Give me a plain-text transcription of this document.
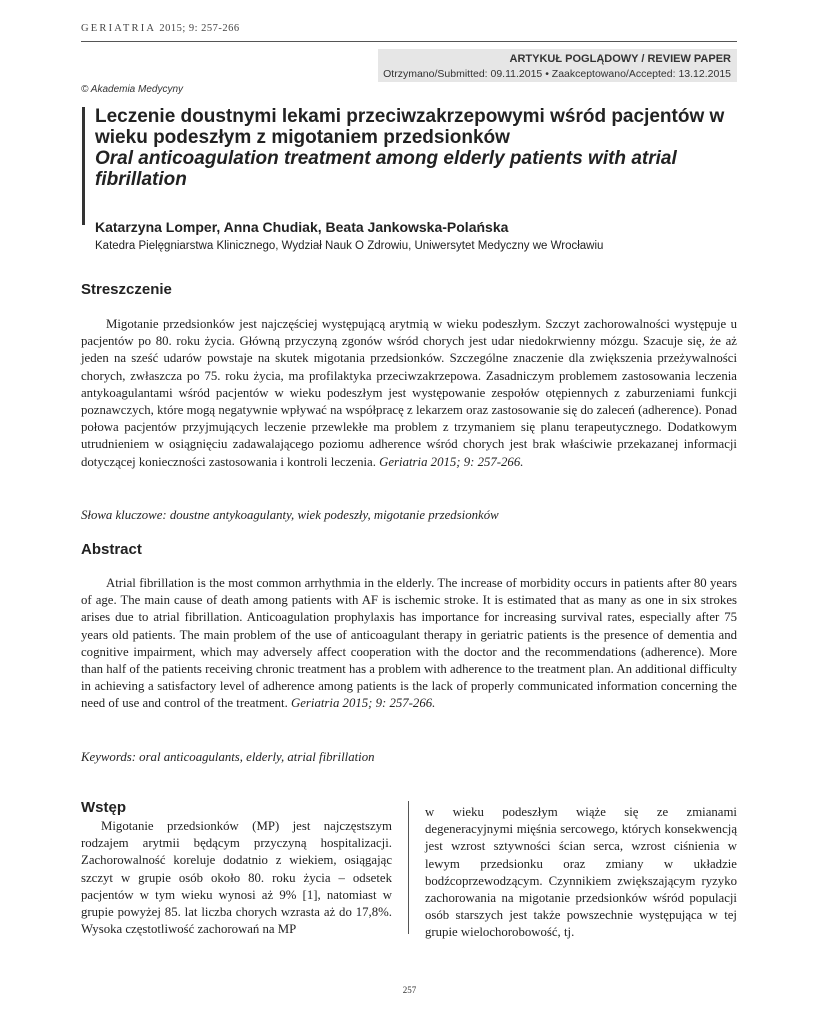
GERIATRIA 2015; 9: 257-266
ARTYKUŁ POGLĄDOWY / REVIEW PAPER
Otrzymano/Submitted: 09.11.2015 • Zaakceptowano/Accepted: 13.12.2015
© Akademia Medycyny
Leczenie doustnymi lekami przeciwzakrzepowymi wśród pacjentów w wieku podeszłym z migotaniem przedsionków
Oral anticoagulation treatment among elderly patients with atrial fibrillation
Katarzyna Lomper, Anna Chudiak, Beata Jankowska-Polańska
Katedra Pielęgniarstwa Klinicznego, Wydział Nauk O Zdrowiu, Uniwersytet Medyczny we Wrocławiu
Streszczenie

Migotanie przedsionków jest najczęściej występującą arytmią w wieku podeszłym. Szczyt zachorowalności występuje u pacjentów po 80. roku życia. Główną przyczyną zgonów wśród chorych jest udar niedokrwienny mózgu. Szacuje się, że aż jeden na sześć udarów powstaje na skutek migotania przedsionków. Szczególne znaczenie dla zwiększenia przeżywalności chorych, zwłaszcza po 75. roku życia, ma profilaktyka przeciwzakrzepowa. Zasadniczym problemem zastosowania leczenia antykoagulantami wśród pacjentów w wieku podeszłym jest występowanie zespołów otępiennych z zaburzeniami funkcji poznawczych, które mogą negatywnie wpływać na współpracę z lekarzem oraz zastosowanie się do zaleceń (adherence). Ponad połowa pacjentów przyjmujących leczenie przewlekłe ma problem z trzymaniem się planu terapeutycznego. Dodatkowym utrudnieniem w osiągnięciu zadawalającego poziomu adherence wśród chorych jest brak właściwie przekazanej informacji dotyczącej konieczności zastosowania i kontroli leczenia. Geriatria 2015; 9: 257-266.

Słowa kluczowe: doustne antykoagulanty, wiek podeszły, migotanie przedsionków

Abstract

Atrial fibrillation is the most common arrhythmia in the elderly. The increase of morbidity occurs in patients after 80 years of age. The main cause of death among patients with AF is ischemic stroke. It is estimated that as many as one in six strokes arises due to atrial fibrillation. Anticoagulation prophylaxis has importance for increasing survival rates, especially after 75 years old patients. The main problem of the use of anticoagulant therapy in geriatric patients is the presence of dementia and cognitive impairment, which may adversely affect cooperation with the doctor and the recommendations (adherence). More than half of the patients receiving chronic treatment has a problem with adherence to the treatment plan. An additional difficulty in achieving a satisfactory level of adherence among patients is the lack of properly communicated information concerning the need of use and control of the treatment. Geriatria 2015; 9: 257-266.

Keywords: oral anticoagulants, elderly, atrial fibrillation

Wstęp

Migotanie przedsionków (MP) jest najczęstszym rodzajem arytmii będącym przyczyną hospitalizacji. Zachorowalność koreluje dodatnio z wiekiem, osiągając szczyt w grupie osób około 80. roku życia – odsetek pacjentów w tym wieku wynosi aż 9% [1], natomiast w grupie powyżej 85. lat liczba chorych wzrasta aż do 17,8%. Wysoka częstotliwość zachorowań na MP

w wieku podeszłym wiąże się ze zmianami degeneracyjnymi mięśnia sercowego, których konsekwencją jest wzrost sztywności ścian serca, wzrost ciśnienia w lewym przedsionku oraz zmiany w układzie bodźcoprzewodzącym. Czynnikiem zwiększającym ryzyko zachorowania na migotanie przedsionków wśród populacji osób starszych jest także powszechnie występująca w tej grupie wielochorobowość, tj.

257
